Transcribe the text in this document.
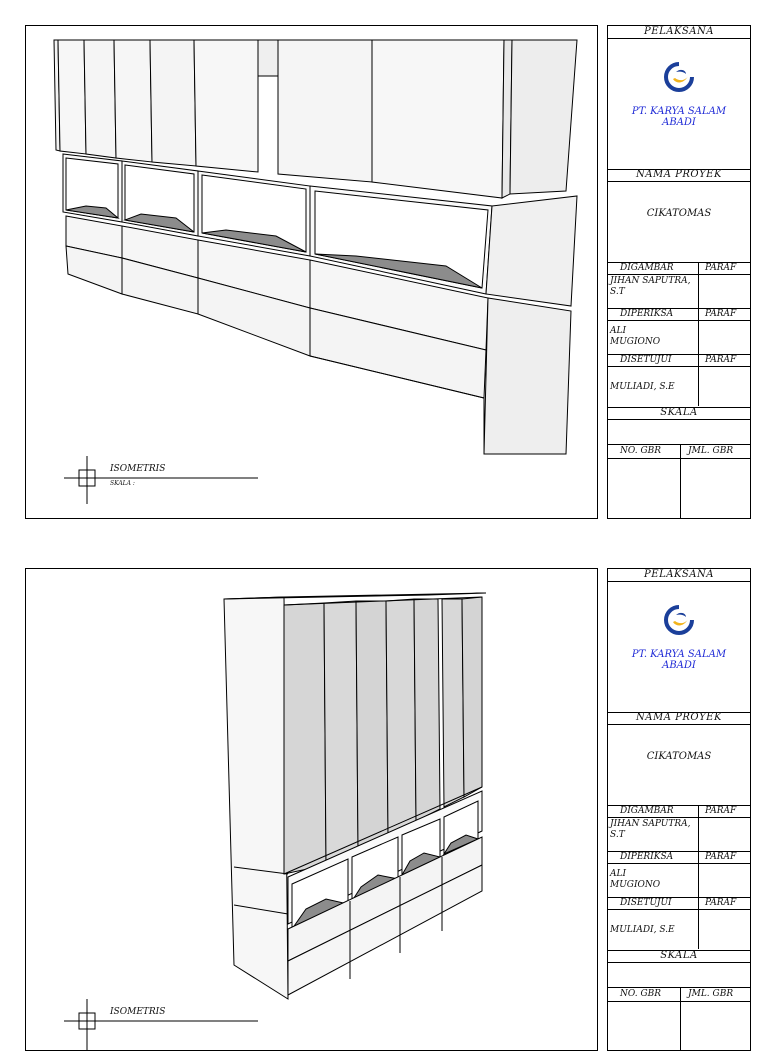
ISOMETRIS
SKALA :
PELAKSANA
PT. KARYA SALAM ABADI
NAMA PROYEK
CIKATOMAS
DIGAMBAR	PARAF
JIHAN SAPUTRA, S.T
DIPERIKSA	PARAF
ALI MUGIONO
DISETUJUI	PARAF
MULIADI, S.E
SKALA
NO. GBR	JML. GBR
ISOMETRIS
PELAKSANA
PT. KARYA SALAM ABADI
NAMA PROYEK
CIKATOMAS
DIGAMBAR	PARAF
JIHAN SAPUTRA, S.T
DIPERIKSA	PARAF
ALI MUGIONO
DISETUJUI	PARAF
MULIADI, S.E
SKALA
NO. GBR	JML. GBR
